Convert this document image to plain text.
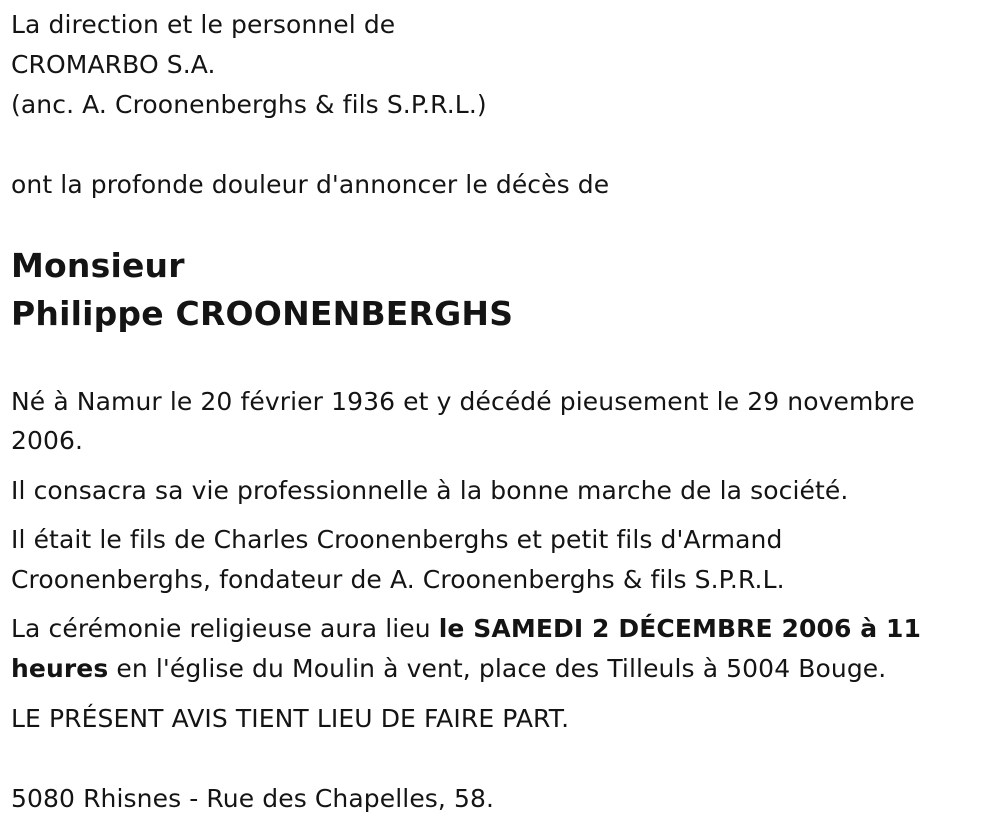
La direction et le personnel de
CROMARBO S.A.
(anc. A. Croonenberghs & fils S.P.R.L.)
ont la profonde douleur d'annoncer le décès de
Monsieur
Philippe CROONENBERGHS
Né à Namur le 20 février 1936 et y décédé pieusement le 29 novembre
2006.
Il consacra sa vie professionnelle à la bonne marche de la société.
Il était le fils de Charles Croonenberghs et petit fils d'Armand
Croonenberghs, fondateur de A. Croonenberghs & fils S.P.R.L.
La cérémonie religieuse aura lieu le SAMEDI 2 DÉCEMBRE 2006 à 11
heures en l'église du Moulin à vent, place des Tilleuls à 5004 Bouge.
LE PRÉSENT AVIS TIENT LIEU DE FAIRE PART.
5080 Rhisnes - Rue des Chapelles, 58.
